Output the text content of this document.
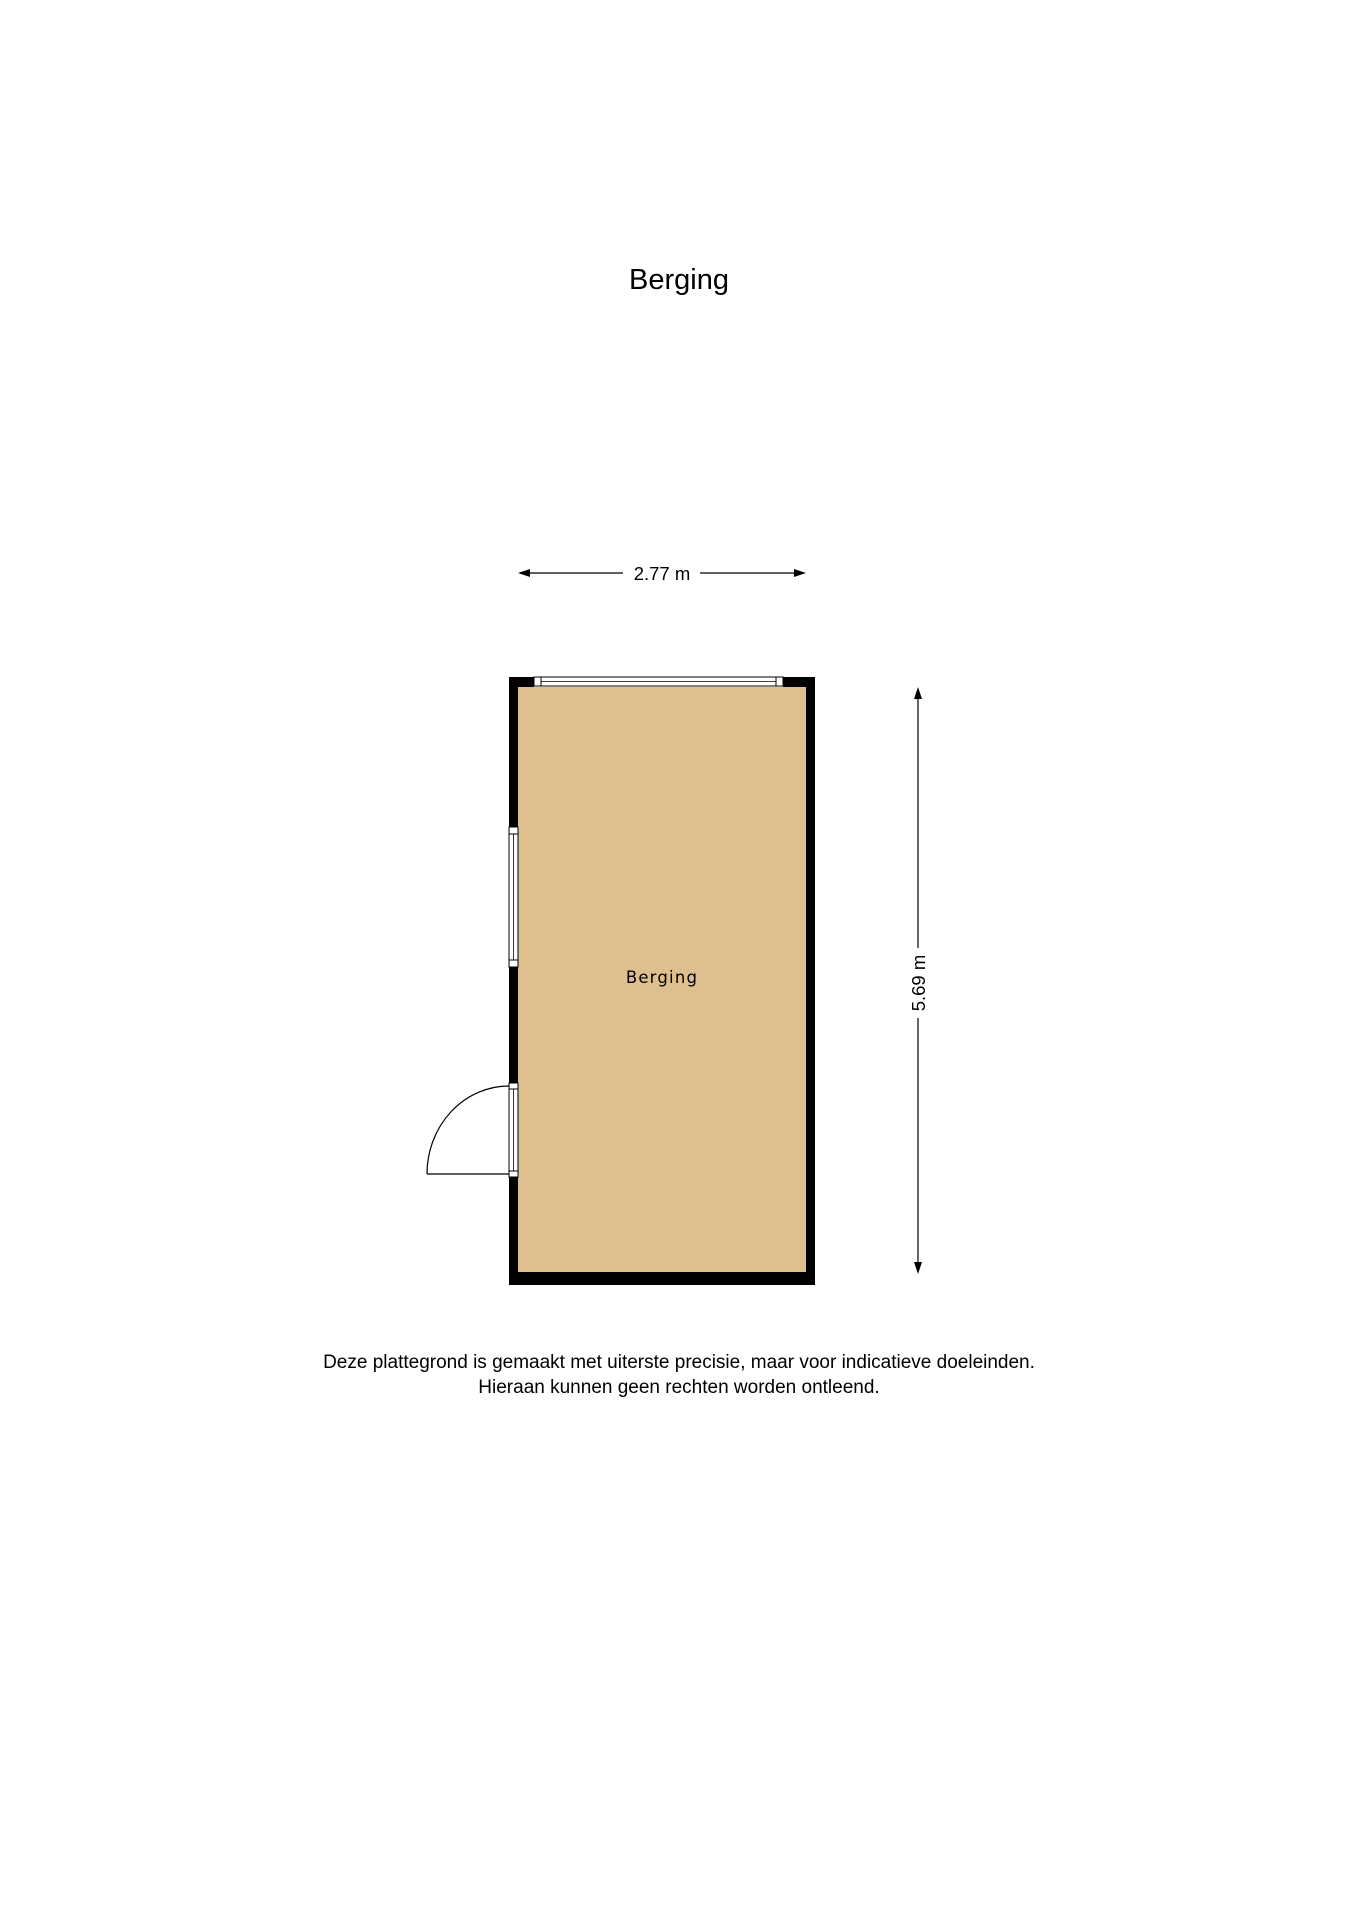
Berging
Berging
2.77 m
5.69 m
Deze plattegrond is gemaakt met uiterste precisie, maar voor indicatieve doeleinden.
Hieraan kunnen geen rechten worden ontleend.
